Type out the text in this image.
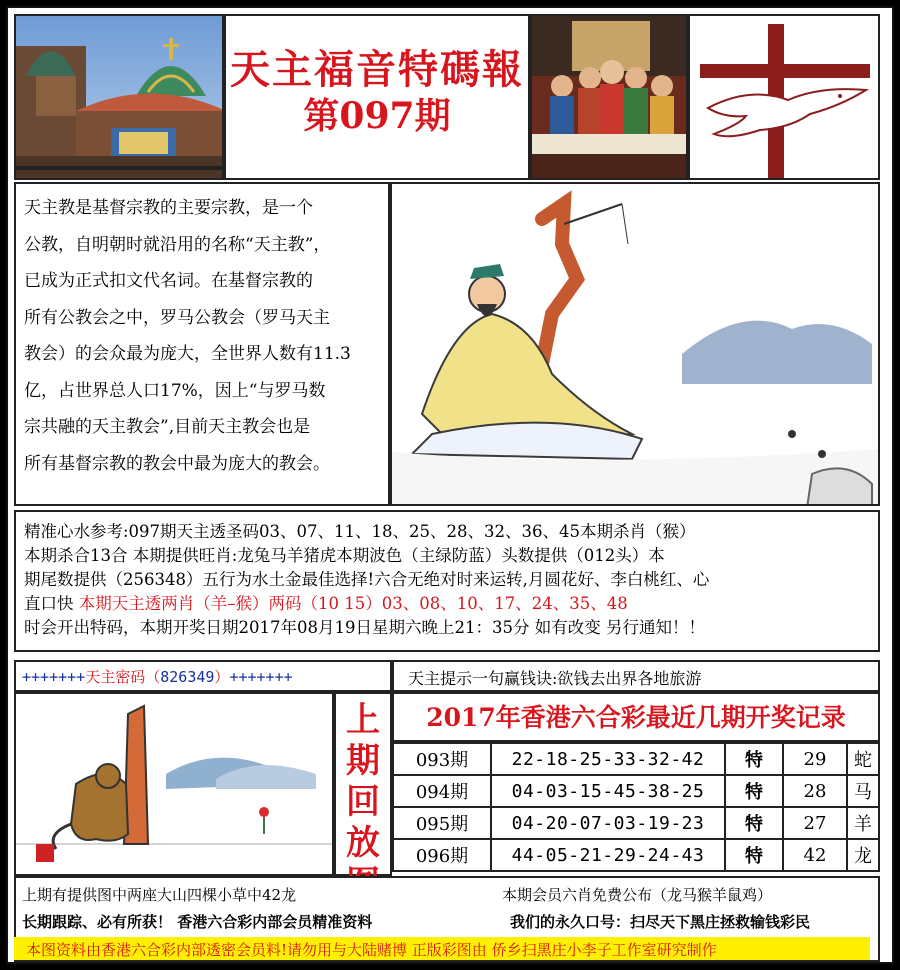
天主福音特碼報
第097期
天主教是基督宗教的主要宗教，是一个
公教，自明朝时就沿用的名称“天主教”，
已成为正式扣文代名词。在基督宗教的
所有公教会之中，罗马公教会（罗马天主
教会）的会众最为庞大，全世界人数有11.3
亿，占世界总人口17%，因上“与罗马数
宗共融的天主教会”,目前天主教会也是
所有基督宗教的教会中最为庞大的教会。
精准心水参考:097期天主透圣码03、07、11、18、25、28、32、36、45本期杀肖（猴）
本期杀合13合 本期提供旺肖:龙兔马羊猪虎本期波色（主绿防蓝）头数提供（012头）本
期尾数提供（256348）五行为水土金最佳选择!六合无绝对时来运转,月圆花好、李白桃红、心
直口快 本期天主透两肖（羊–猴）两码（10 15）03、08、10、17、24、35、48
时会开出特码，本期开奖日期2017年08月19日星期六晚上21：35分 如有改变 另行通知！！
+++++++天主密码（826349）+++++++	天主提示一句赢钱诀:欲钱去出界各地旅游
上
期
回
放
2017年香港六合彩最近几期开奖记录
093期	22-18-25-33-32-42	特	29	蛇
094期	04-03-15-45-38-25	特	28	马
095期	04-20-07-03-19-23	特	27	羊
096期	44-05-21-29-24-43	特	42	龙
上期有提供图中两座大山四棵小草中42龙	本期会员六肖免费公布（龙马猴羊鼠鸡）
长期跟踪、必有所获！ 香港六合彩内部会员精准资料	我们的永久口号：扫尽天下黑庄拯救输钱彩民
本图资料由香港六合彩内部透密会员料!请勿用与大陆赌博 正版彩图由 侨乡扫黑庄小李子工作室研究制作
